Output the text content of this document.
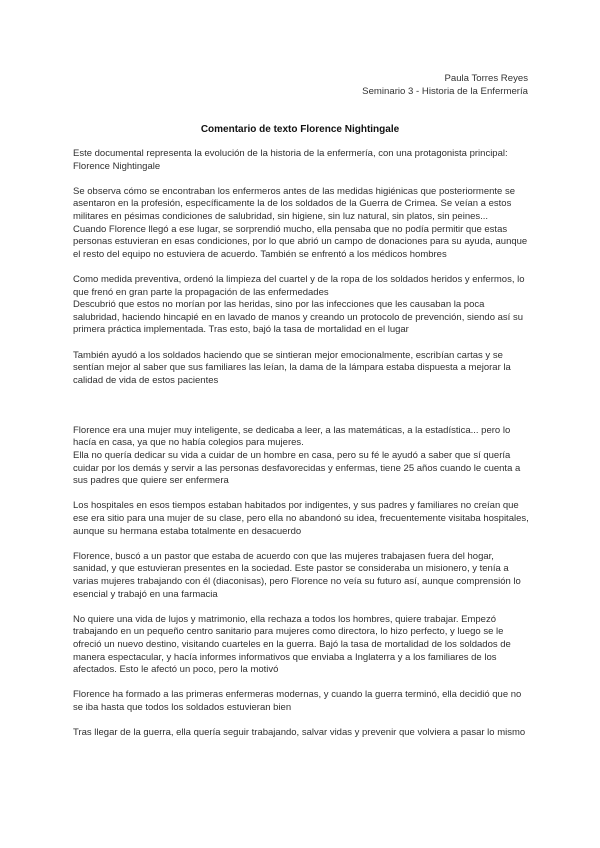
Paula Torres Reyes
Seminario 3 - Historia de la Enfermería
Comentario de texto Florence Nightingale

Este documental representa la evolución de la historia de la enfermería, con una protagonista principal: Florence Nightingale

Se observa cómo se encontraban los enfermeros antes de las medidas higiénicas que posteriormente se asentaron en la profesión, específicamente la de los soldados de la Guerra de Crimea. Se veían a estos militares en pésimas condiciones de salubridad, sin higiene, sin luz natural, sin platos, sin peines...

Cuando Florence llegó a ese lugar, se sorprendió mucho, ella pensaba que no podía permitir que estas personas estuvieran en esas condiciones, por lo que abrió un campo de donaciones para su ayuda, aunque el resto del equipo no estuviera de acuerdo. También se enfrentó a los médicos hombres

Como medida preventiva, ordenó la limpieza del cuartel y de la ropa de los soldados heridos y enfermos, lo que frenó en gran parte la propagación de las enfermedades

Descubrió que estos no morían por las heridas, sino por las infecciones que les causaban la poca salubridad, haciendo hincapié en en lavado de manos y creando un protocolo de prevención, siendo así su primera práctica implementada. Tras esto, bajó la tasa de mortalidad en el lugar

También ayudó a los soldados haciendo que se sintieran mejor emocionalmente, escribían cartas y se sentían mejor al saber que sus familiares las leían, la dama de la lámpara estaba dispuesta a mejorar la calidad de vida de estos pacientes

Florence era una mujer muy inteligente, se dedicaba a leer, a las matemáticas, a la estadística... pero lo hacía en casa, ya que no había colegios para mujeres.

Ella no quería dedicar su vida a cuidar de un hombre en casa, pero su fé le ayudó a saber que sí quería cuidar por los demás y servir a las personas desfavorecidas y enfermas, tiene 25 años cuando le cuenta a sus padres que quiere ser enfermera

Los hospitales en esos tiempos estaban habitados por indigentes, y sus padres y familiares no creían que ese era sitio para una mujer de su clase, pero ella no abandonó su idea, frecuentemente visitaba hospitales, aunque su hermana estaba totalmente en desacuerdo

Florence, buscó a un pastor que estaba de acuerdo con que las mujeres trabajasen fuera del hogar, sanidad, y que estuvieran presentes en la sociedad. Este pastor se consideraba un misionero, y tenía a varias mujeres trabajando con él (diaconisas), pero Florence no veía su futuro así, aunque comprensión lo esencial y trabajó en una farmacia

No quiere una vida de lujos y matrimonio, ella rechaza a todos los hombres, quiere trabajar. Empezó trabajando en un pequeño centro sanitario para mujeres como directora, lo hizo perfecto, y luego se le ofreció un nuevo destino, visitando cuarteles en la guerra. Bajó la tasa de mortalidad de los soldados de manera espectacular, y hacía informes informativos que enviaba a Inglaterra y a los familiares de los afectados. Esto le afectó un poco, pero la motivó

Florence ha formado a las primeras enfermeras modernas, y cuando la guerra terminó, ella decidió que no se iba hasta que todos los soldados estuvieran bien

Tras llegar de la guerra, ella quería seguir trabajando, salvar vidas y prevenir que volviera a pasar lo mismo
